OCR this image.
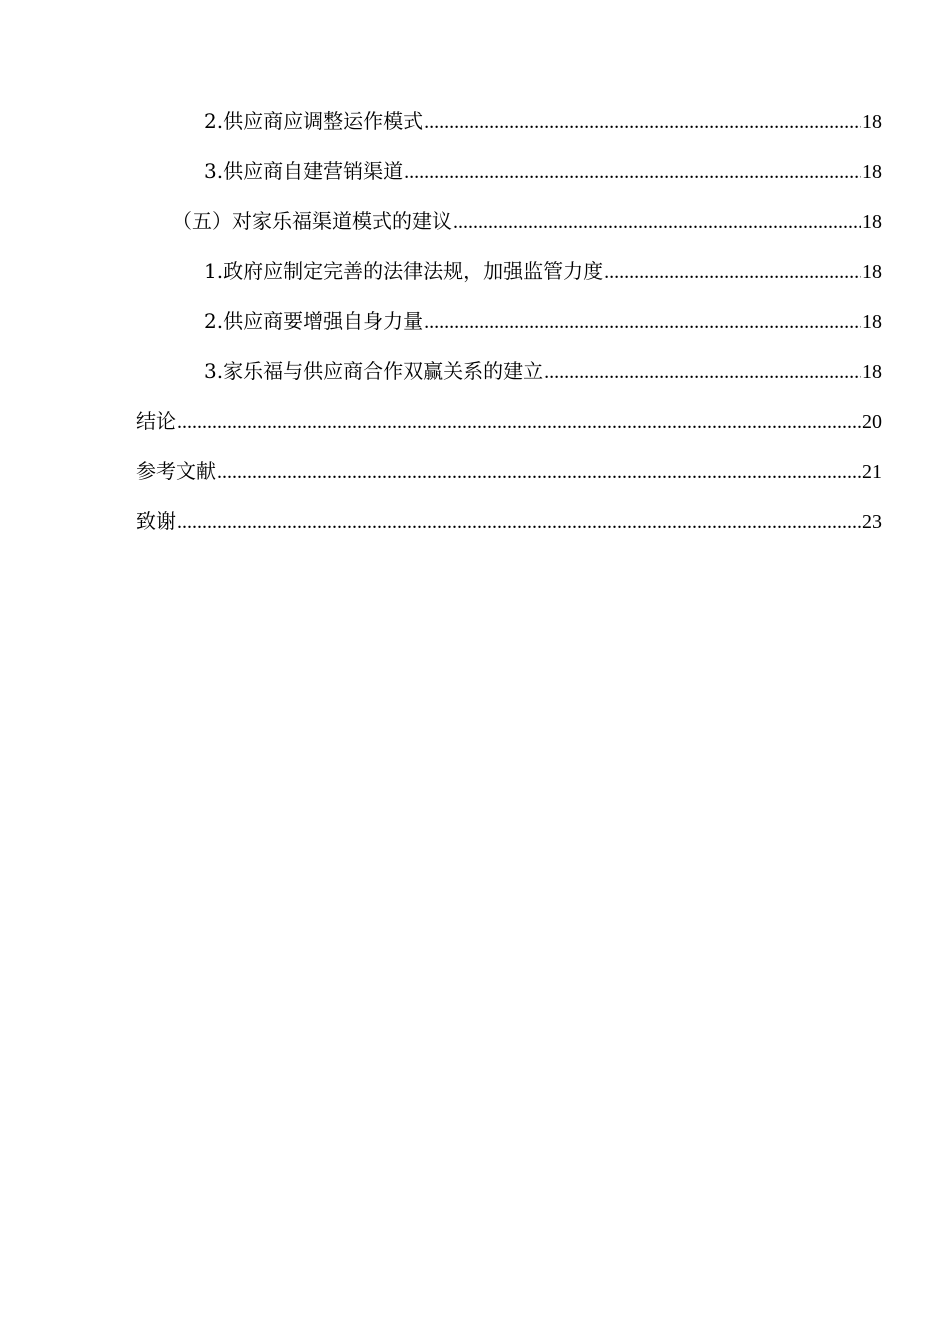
2.供应商应调整运作模式 .....	18
3.供应商自建营销渠道 .....	18
（五）对家乐福渠道模式的建议 .....	18
1.政府应制定完善的法律法规，加强监管力度 .....	18
2.供应商要增强自身力量 .....	18
3.家乐福与供应商合作双赢关系的建立 .....	18
结论 .....	20
参考文献 .....	21
致谢 .....	23
